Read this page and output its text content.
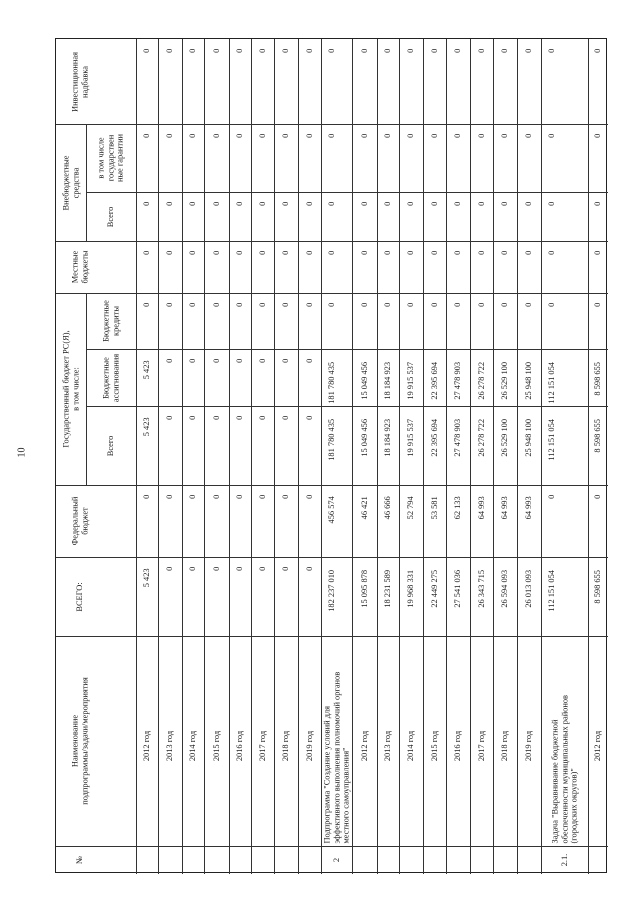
10
Инвестиционная
надбавка
Внебюджетные
средства в том числе
государствен
ные гарантии
Всего
Местные
бюджеты
Государственный бюджет РС(Я),
в том числе:
Бюджетные
кредиты
Бюджетные
ассигнования
Всего
Федеральный
бюджет
ВСЕГО:
Наименование
подпрограммы/задачи/мероприятия
№
0
0
0
0
0
5 423
5 423
0
5 423
2012 год
0
0
0
0
0
0
0
0
0
2013 год
0
0
0
0
0
0
0
0
0
2014 год
0
0
0
0
0
0
0
0
0
2015 год
0
0
0
0
0
0
0
0
0
2016 год
0
0
0
0
0
0
0
0
0
2017 год
0
0
0
0
0
0
0
0
0
2018 год
0
0
0
0
0
0
0
0
0
2019 год
0
0
0
0
0
181 780 435
181 780 435
456 574
182 237 010
Подпрограмма "Создание условий для
эффективного выполнения полномочий органов
местного самоуправления"
2
0
0
0
0
0
15 049 456
15 049 456
46 421
15 095 878
2012 год
0
0
0
0
0
18 184 923
18 184 923
46 666
18 231 589
2013 год
0
0
0
0
0
19 915 537
19 915 537
52 794
19 968 331
2014 год
0
0
0
0
0
22 395 694
22 395 694
53 581
22 449 275
2015 год
0
0
0
0
0
27 478 903
27 478 903
62 133
27 541 036
2016 год
0
0
0
0
0
26 278 722
26 278 722
64 993
26 343 715
2017 год
0
0
0
0
0
26 529 100
26 529 100
64 993
26 594 093
2018 год
0
0
0
0
0
25 948 100
25 948 100
64 993
26 013 093
2019 год
0
0
0
0
0
112 151 054
112 151 054
0
112 151 054
Задача "Выравнивание бюджетной
обеспеченности муниципальных районов
(городских округов)"
2.1.
0
0
0
0
0
8 598 655
8 598 655
0
8 598 655
2012 год
